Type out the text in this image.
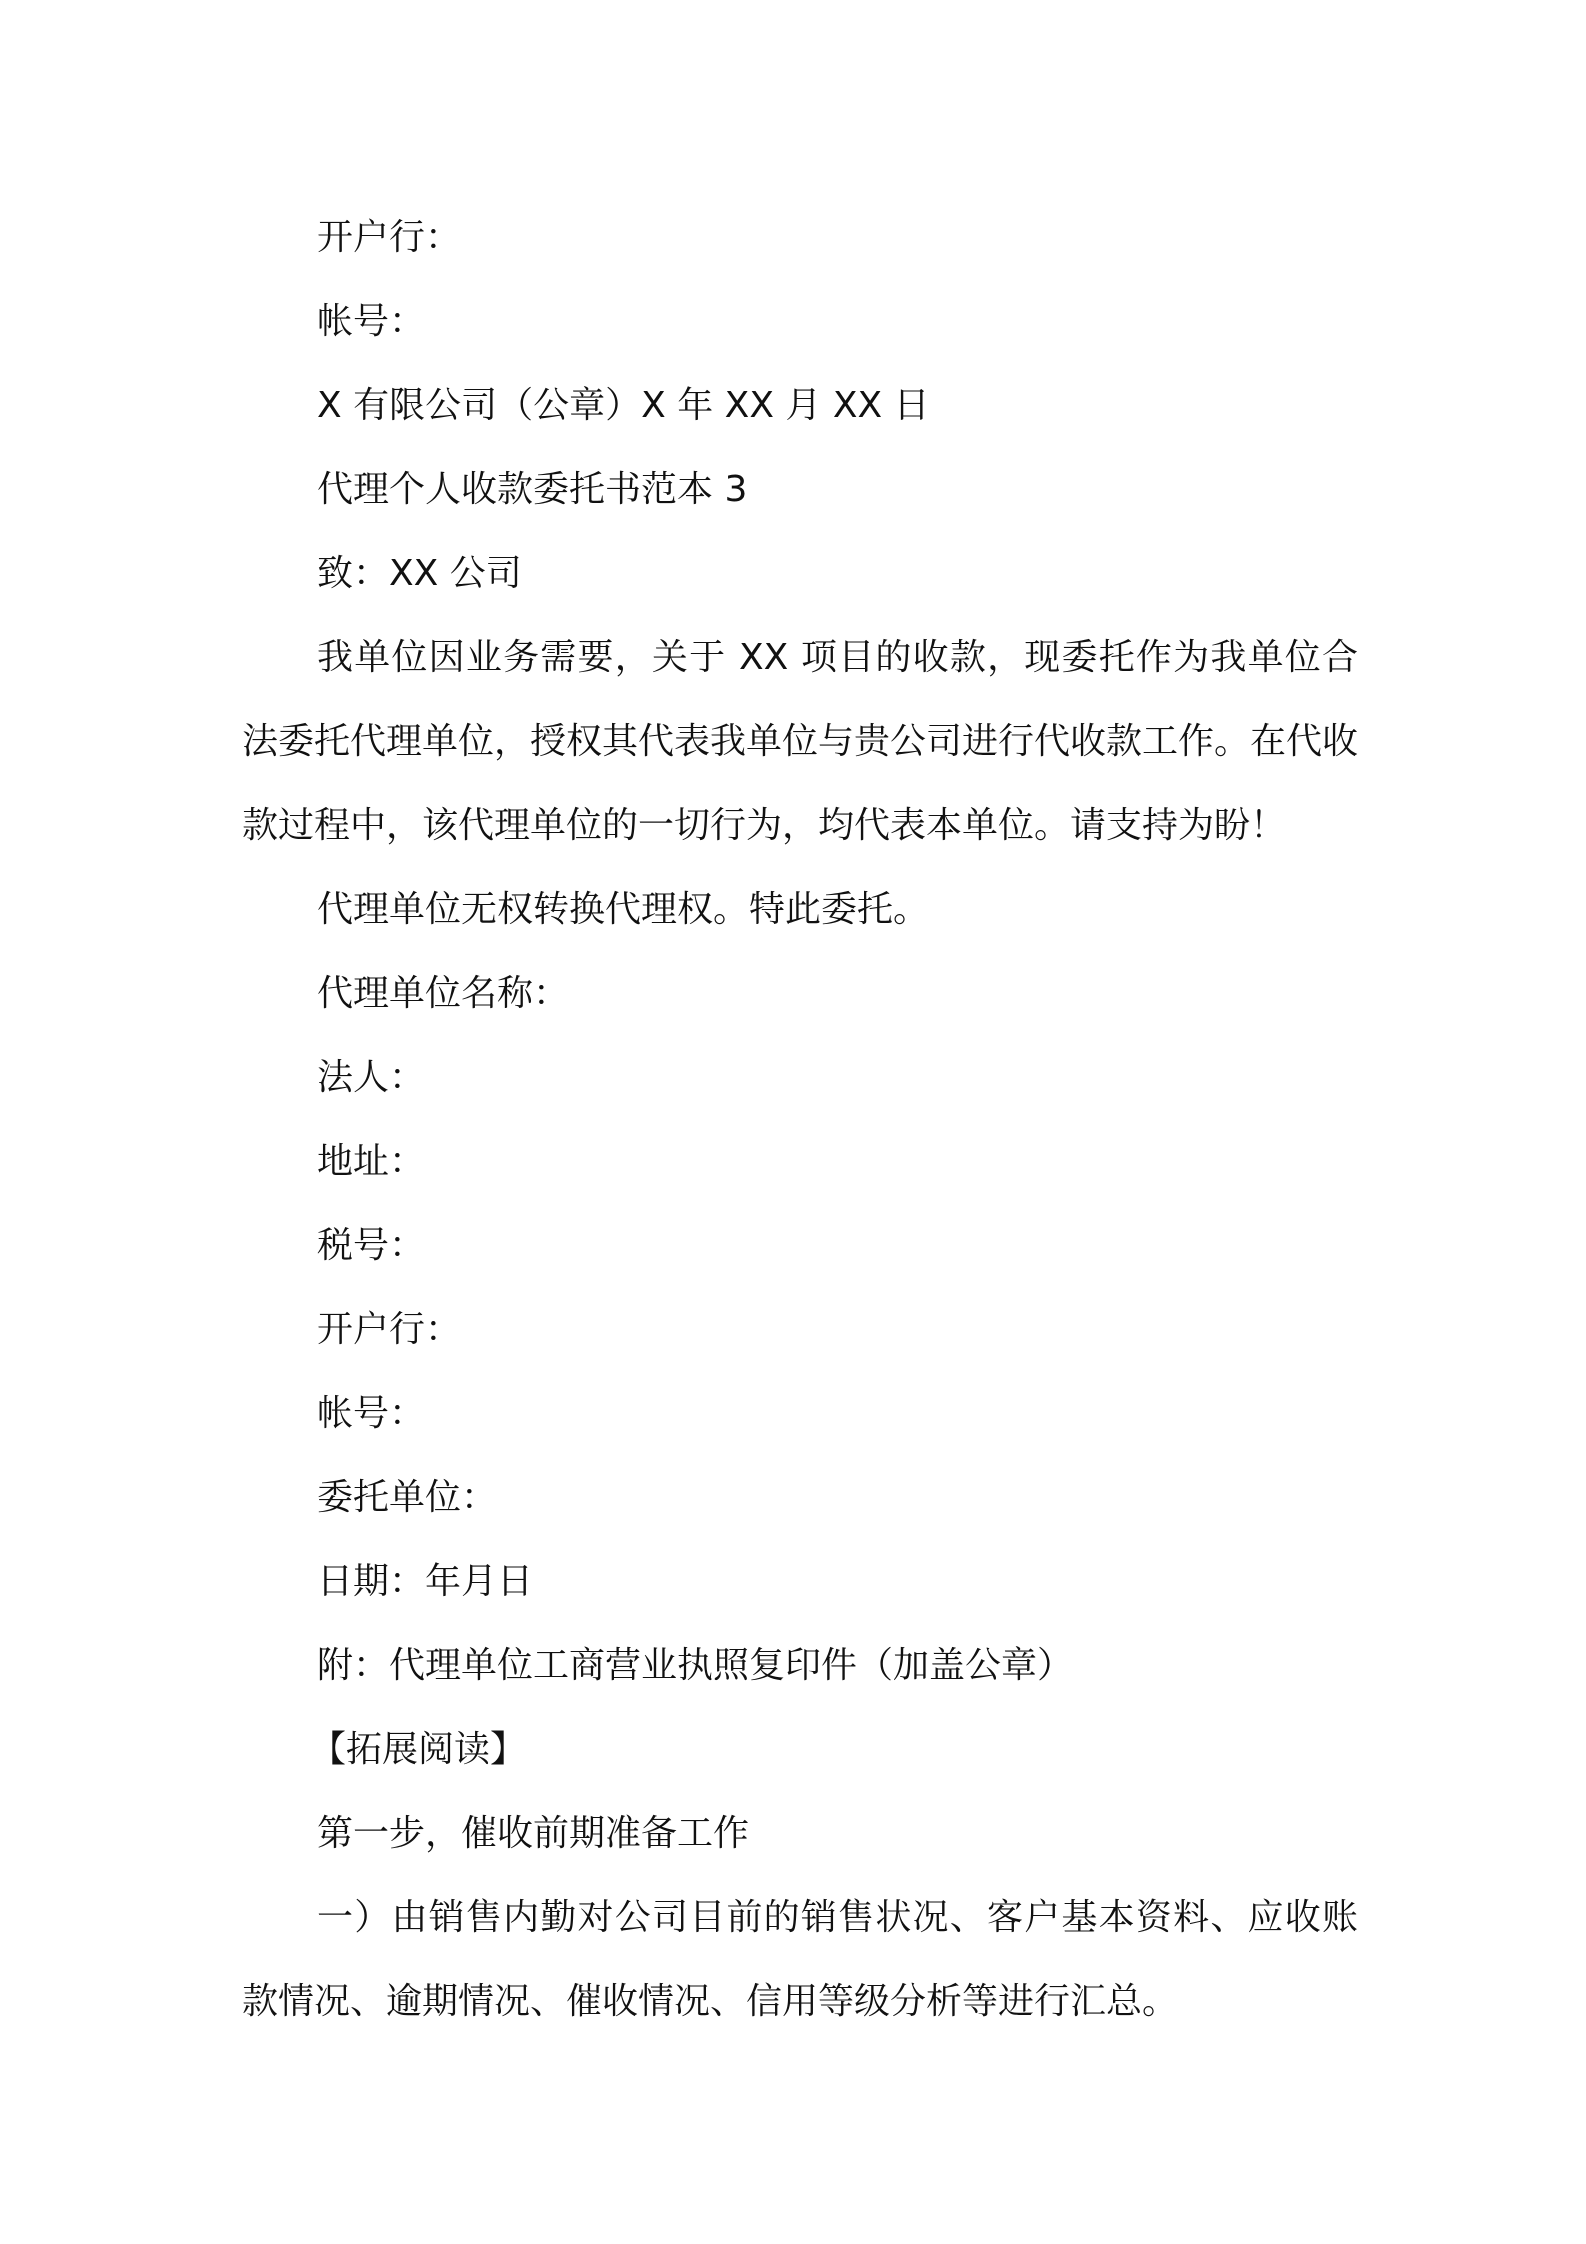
开户行：
帐号：
X 有限公司（公章）X 年 XX 月 XX 日
代理个人收款委托书范本 3
致：XX 公司
我单位因业务需要，关于 XX 项目的收款，现委托作为我单位合法委托代理单位，授权其代表我单位与贵公司进行代收款工作。在代收款过程中，该代理单位的一切行为，均代表本单位。请支持为盼！
代理单位无权转换代理权。特此委托。
代理单位名称：
法人：
地址：
税号：
开户行：
帐号：
委托单位：
日期：年月日
附：代理单位工商营业执照复印件（加盖公章）
【拓展阅读】
第一步，催收前期准备工作
一）由销售内勤对公司目前的销售状况、客户基本资料、应收账款情况、逾期情况、催收情况、信用等级分析等进行汇总。
